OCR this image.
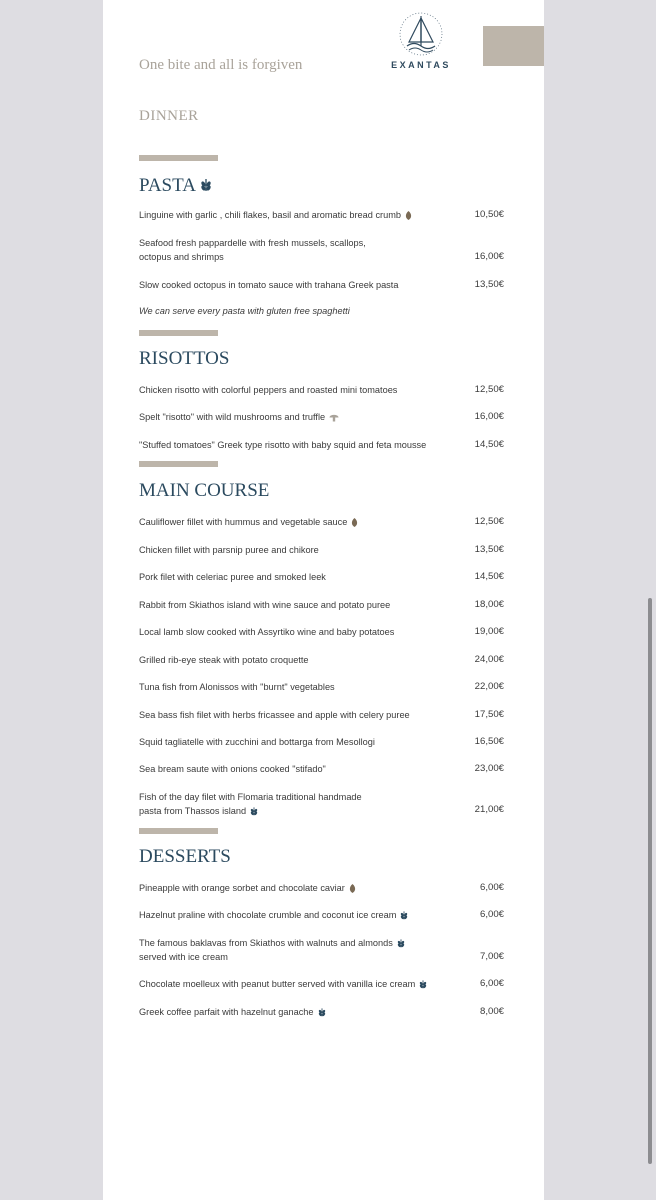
One bite and all is forgiven	EXANTAS
DINNER
PASTA
Linguine with garlic , chili flakes, basil and aromatic bread crumb	10,50€
Seafood fresh pappardelle with fresh mussels, scallops,
octopus and shrimps	16,00€
Slow cooked octopus in tomato sauce with trahana Greek pasta	13,50€
We can serve every pasta with gluten free spaghetti
RISOTTOS
Chicken risotto with colorful peppers and roasted mini tomatoes	12,50€
Spelt "risotto" with wild mushrooms and truffle	16,00€
"Stuffed tomatoes" Greek type risotto with baby squid and feta mousse	14,50€
MAIN COURSE
Cauliflower fillet with hummus and vegetable sauce	12,50€
Chicken fillet with parsnip puree and chikore	13,50€
Pork filet with celeriac puree and smoked leek	14,50€
Rabbit from Skiathos island with wine sauce and potato puree	18,00€
Local lamb slow cooked with Assyrtiko wine and baby potatoes	19,00€
Grilled rib-eye steak with potato croquette	24,00€
Tuna fish from Alonissos with "burnt" vegetables	22,00€
Sea bass fish filet with herbs fricassee and apple with celery puree	17,50€
Squid tagliatelle with zucchini and bottarga from Mesollogi	16,50€
Sea bream saute with onions cooked "stifado"	23,00€
Fish of the day filet with Flomaria traditional handmade
pasta from Thassos island	21,00€
DESSERTS
Pineapple with orange sorbet and chocolate caviar	6,00€
Hazelnut praline with chocolate crumble and coconut ice cream	6,00€
The famous baklavas from Skiathos with walnuts and almonds
served with ice cream	7,00€
Chocolate moelleux with peanut butter served with vanilla ice cream	6,00€
Greek coffee parfait with hazelnut ganache	8,00€
